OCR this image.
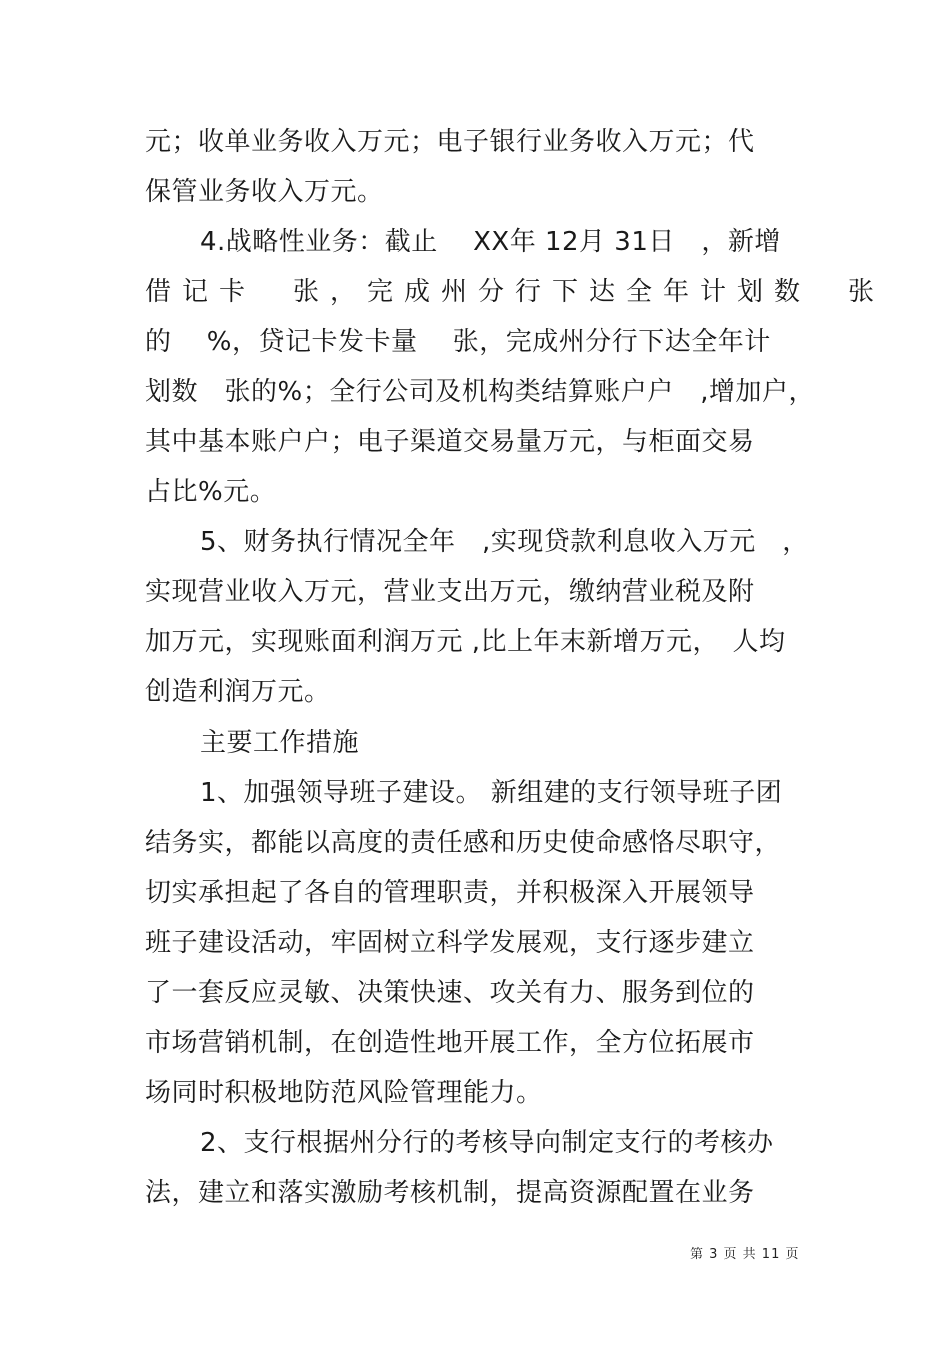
元；收单业务收入万元；电子银行业务收入万元；代
保管业务收入万元。
4.战略性业务：截止　 XX年 12月 31日　，新增
借记卡　张，完成州分行下达全年计划数　张
的　 %，贷记卡发卡量　 张，完成州分行下达全年计
划数　张的%；全行公司及机构类结算账户户　,增加户，
其中基本账户户；电子渠道交易量万元，与柜面交易
占比%元。
5、财务执行情况全年　,实现贷款利息收入万元　，
实现营业收入万元，营业支出万元，缴纳营业税及附
加万元，实现账面利润万元 ,比上年末新增万元，　人均
创造利润万元。
主要工作措施
1、加强领导班子建设。 新组建的支行领导班子团
结务实，都能以高度的责任感和历史使命感恪尽职守，
切实承担起了各自的管理职责，并积极深入开展领导
班子建设活动，牢固树立科学发展观，支行逐步建立
了一套反应灵敏、决策快速、攻关有力、服务到位的
市场营销机制，在创造性地开展工作，全方位拓展市
场同时积极地防范风险管理能力。
2、支行根据州分行的考核导向制定支行的考核办
法，建立和落实激励考核机制，提高资源配置在业务
第 3 页 共 11 页
